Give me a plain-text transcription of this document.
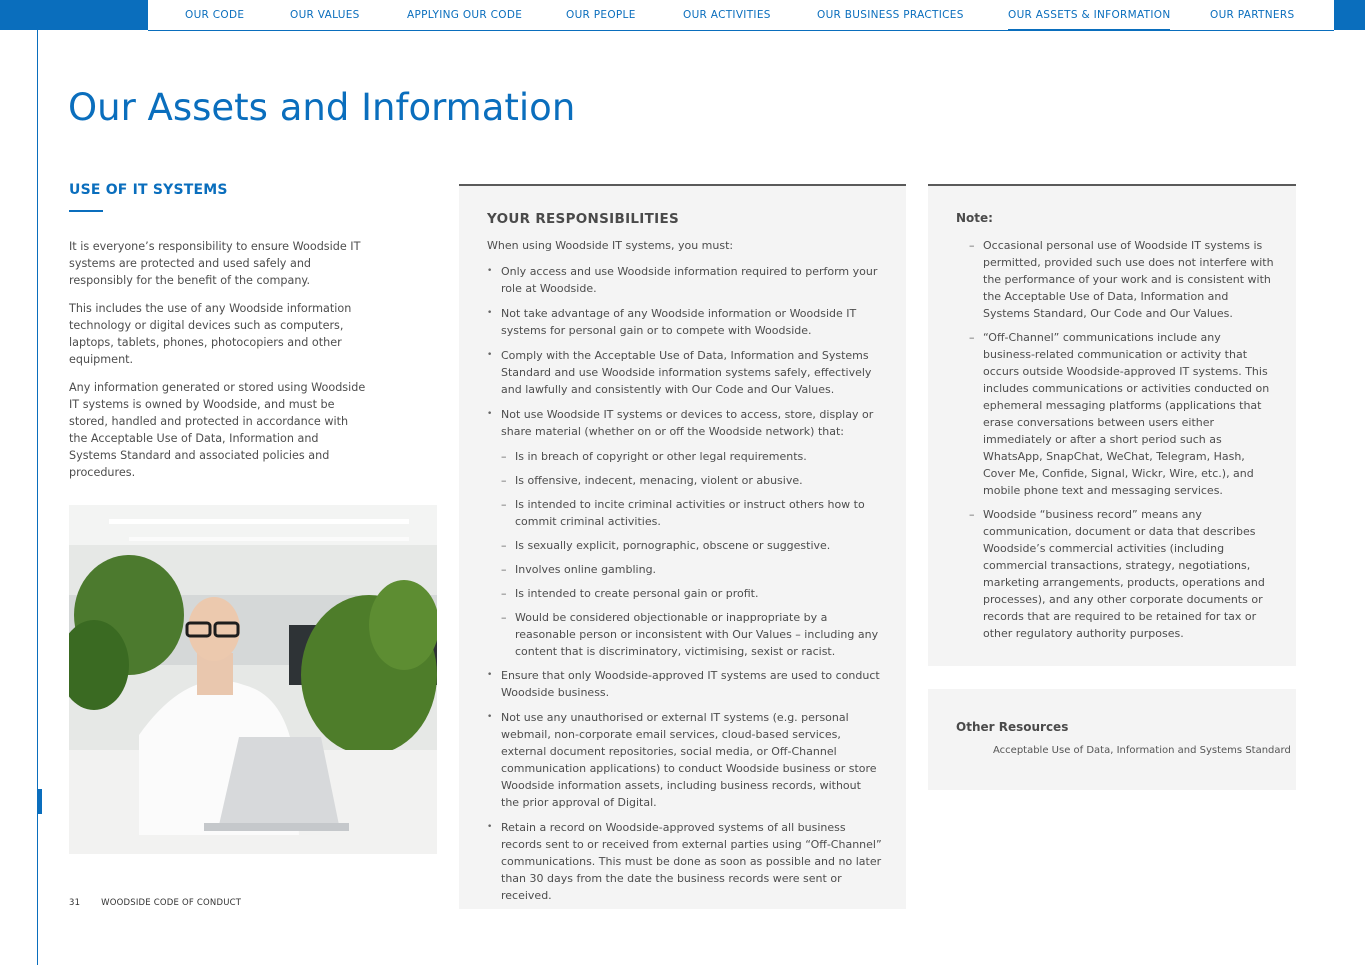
OUR CODE	OUR VALUES	APPLYING OUR CODE	OUR PEOPLE	OUR ACTIVITIES	OUR BUSINESS PRACTICES	OUR ASSETS & INFORMATION	OUR PARTNERS
Our Assets and Information
USE OF IT SYSTEMS

It is everyone’s responsibility to ensure Woodside IT systems are protected and used safely and responsibly for the benefit of the company.

This includes the use of any Woodside information technology or digital devices such as computers, laptops, tablets, phones, photocopiers and other equipment.

Any information generated or stored using Woodside IT systems is owned by Woodside, and must be stored, handled and protected in accordance with the Acceptable Use of Data, Information and Systems Standard and associated policies and procedures.

31 WOODSIDE CODE OF CONDUCT
YOUR RESPONSIBILITIES

When using Woodside IT systems, you must:

• Only access and use Woodside information required to perform your role at Woodside.
• Not take advantage of any Woodside information or Woodside IT systems for personal gain or to compete with Woodside.
• Comply with the Acceptable Use of Data, Information and Systems Standard and use Woodside information systems safely, effectively and lawfully and consistently with Our Code and Our Values.
• Not use Woodside IT systems or devices to access, store, display or share material (whether on or off the Woodside network) that:
– Is in breach of copyright or other legal requirements.
– Is offensive, indecent, menacing, violent or abusive.
– Is intended to incite criminal activities or instruct others how to commit criminal activities.
– Is sexually explicit, pornographic, obscene or suggestive.
– Involves online gambling.
– Is intended to create personal gain or profit.
– Would be considered objectionable or inappropriate by a reasonable person or inconsistent with Our Values – including any content that is discriminatory, victimising, sexist or racist.
• Ensure that only Woodside-approved IT systems are used to conduct Woodside business.
• Not use any unauthorised or external IT systems (e.g. personal webmail, non-corporate email services, cloud-based services, external document repositories, social media, or Off-Channel communication applications) to conduct Woodside business or store Woodside information assets, including business records, without the prior approval of Digital.
• Retain a record on Woodside-approved systems of all business records sent to or received from external parties using “Off-Channel” communications. This must be done as soon as possible and no later than 30 days from the date the business records were sent or received.
Note:
– Occasional personal use of Woodside IT systems is permitted, provided such use does not interfere with the performance of your work and is consistent with the Acceptable Use of Data, Information and Systems Standard, Our Code and Our Values.
– “Off-Channel” communications include any business-related communication or activity that occurs outside Woodside-approved IT systems. This includes communications or activities conducted on ephemeral messaging platforms (applications that erase conversations between users either immediately or after a short period such as WhatsApp, SnapChat, WeChat, Telegram, Hash, Cover Me, Confide, Signal, Wickr, Wire, etc.), and mobile phone text and messaging services.
– Woodside “business record” means any communication, document or data that describes Woodside’s commercial activities (including commercial transactions, strategy, negotiations, marketing arrangements, products, operations and processes), and any other corporate documents or records that are required to be retained for tax or other regulatory authority purposes.
Other Resources
Acceptable Use of Data, Information and Systems Standard
